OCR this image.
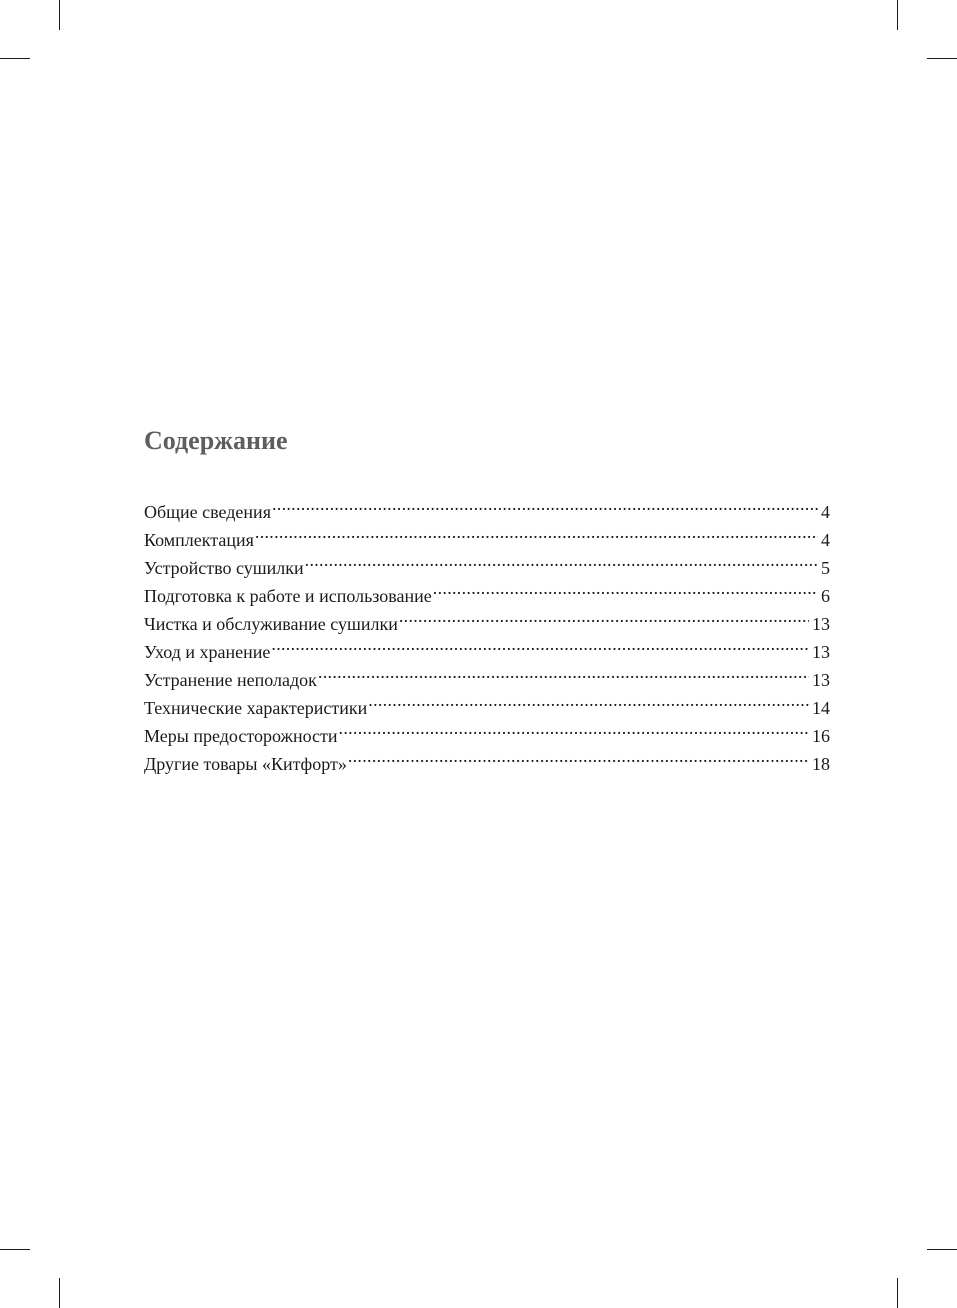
Содержание
Общие сведения .....	4
Комплектация .....	4
Устройство сушилки .....	5
Подготовка к работе и использование .....	6
Чистка и обслуживание сушилки .....	13
Уход и хранение .....	13
Устранение неполадок .....	13
Технические характеристики .....	14
Меры предосторожности .....	16
Другие товары «Китфорт» .....	18
